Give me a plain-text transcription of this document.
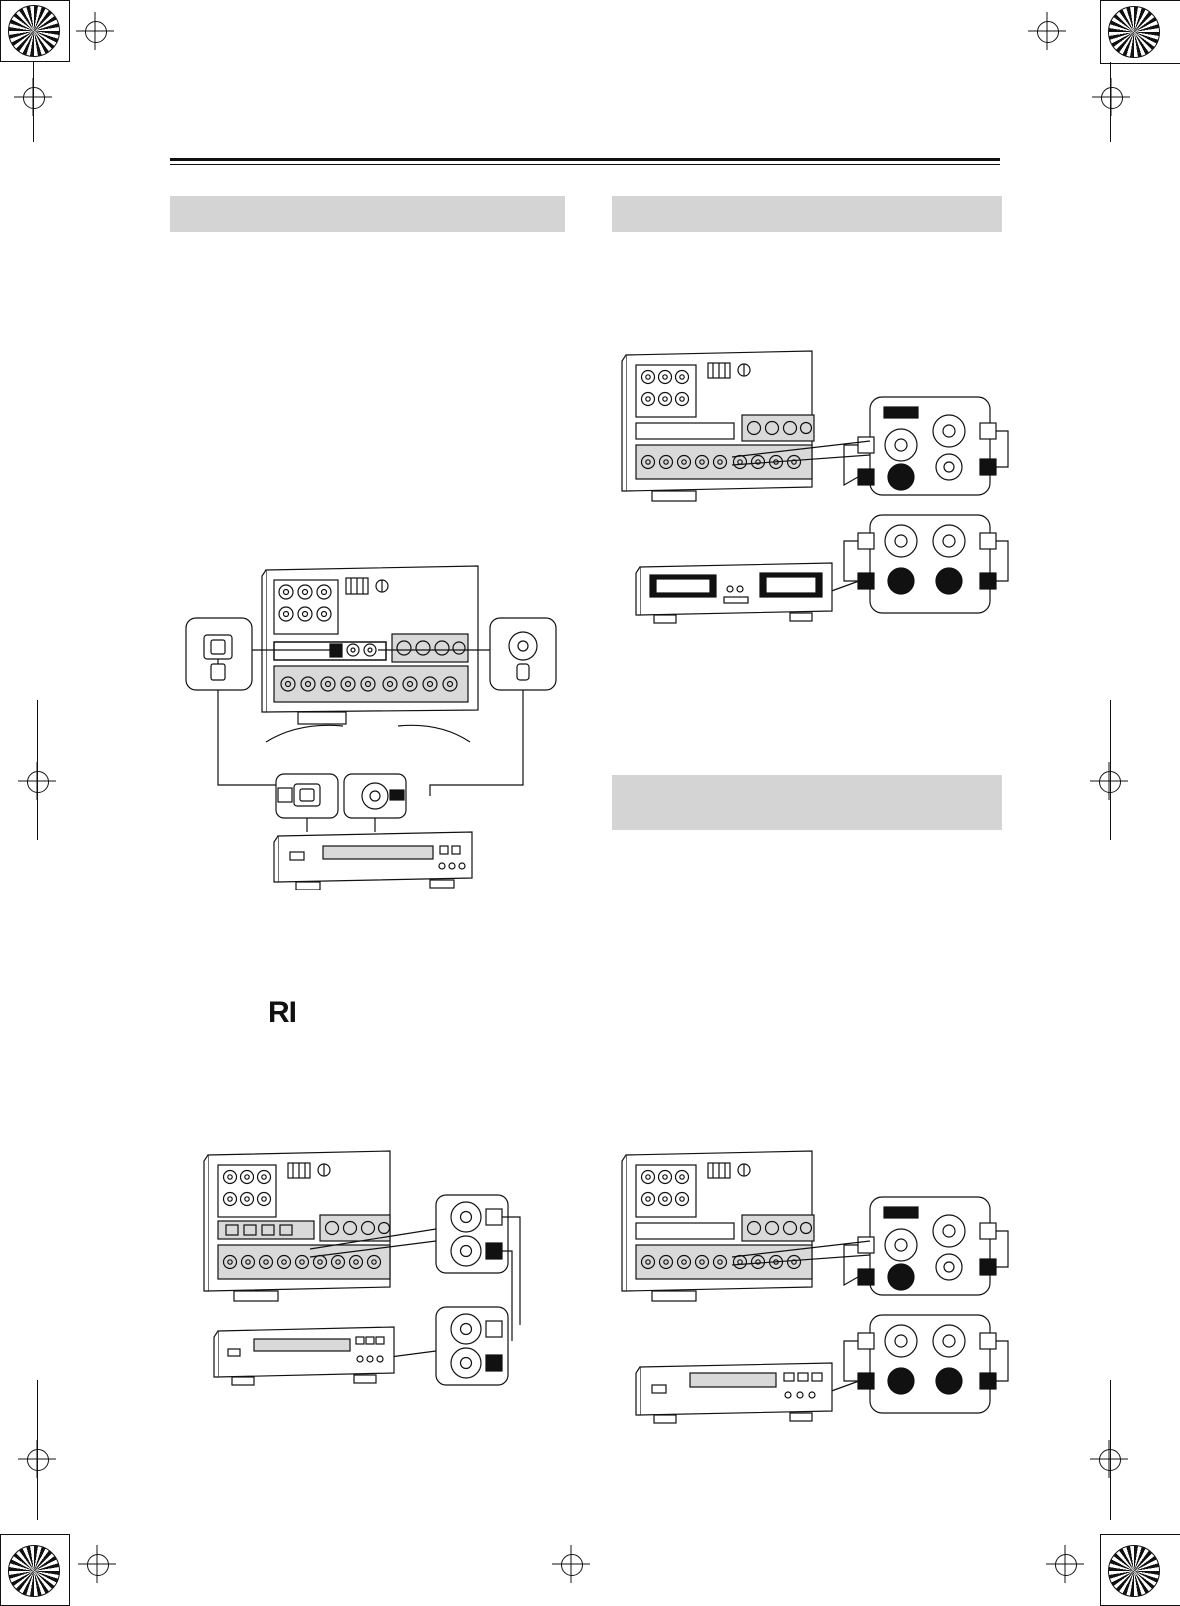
RI
